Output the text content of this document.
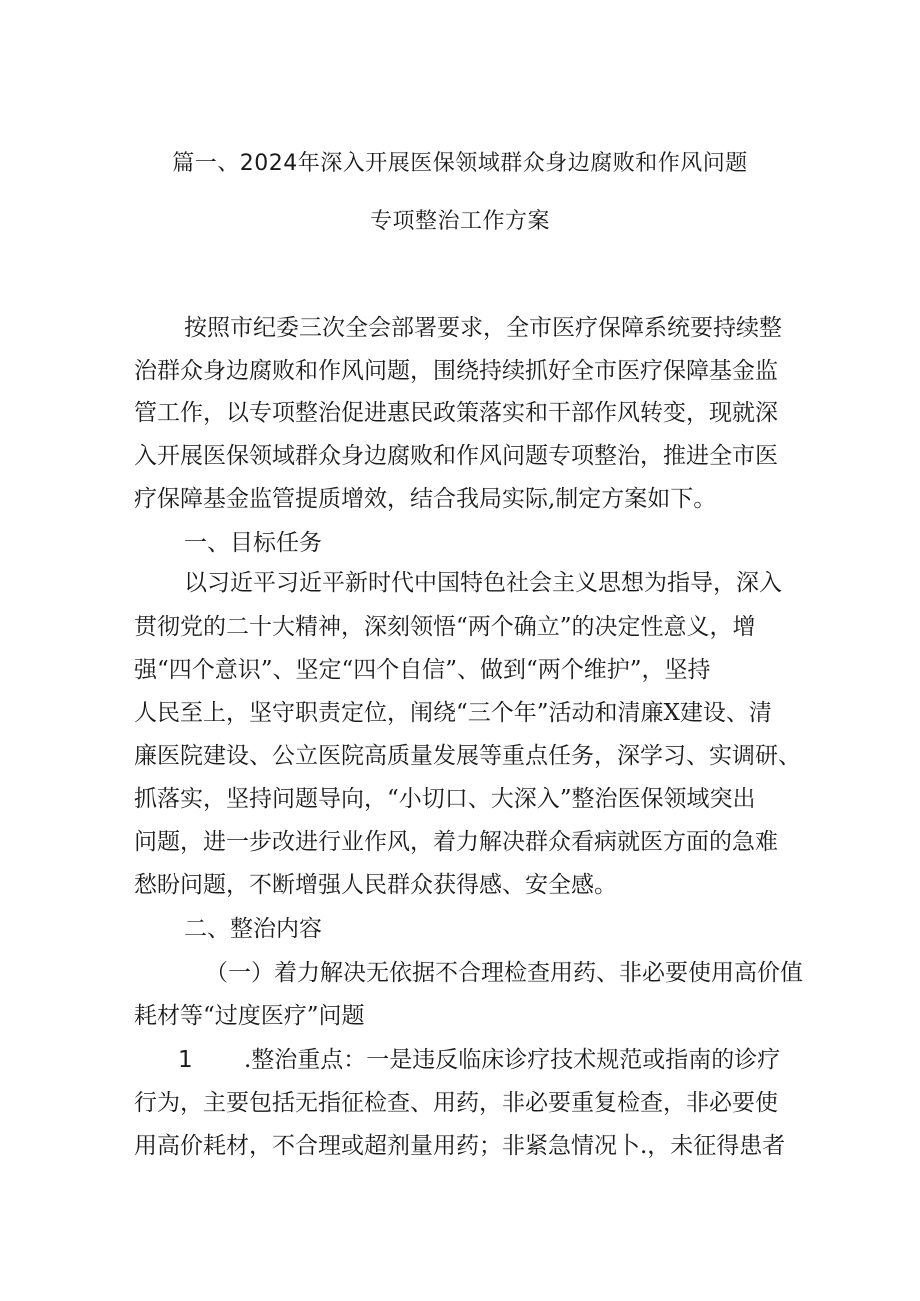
篇一、2024年深入开展医保领域群众身边腐败和作风问题
专项整治工作方案
按照市纪委三次全会部署要求，全市医疗保障系统要持续整
治群众身边腐败和作风问题，围绕持续抓好全市医疗保障基金监
管工作，以专项整治促进惠民政策落实和干部作风转变，现就深
入开展医保领域群众身边腐败和作风问题专项整治，推进全市医
疗保障基金监管提质增效，结合我局实际,制定方案如下。
一、目标任务
以习近平习近平新时代中国特色社会主义思想为指导，深入
贯彻党的二十大精神，深刻领悟“两个确立”的决定性意义，增
强“四个意识”、坚定“四个自信”、做到“两个维护”，坚持
人民至上，坚守职责定位，闱绕“三个年”活动和清廉X建设、清
廉医院建设、公立医院高质量发展等重点任务，深学习、实调研、
抓落实，坚持问题导向，“小切口、大深入”整治医保领域突出
问题，进一步改进行业作风，着力解决群众看病就医方面的急难
愁盼问题，不断增强人民群众获得感、安全感。
二、整治内容
（一）着力解决无依据不合理检查用药、非必要使用高价值
耗材等“过度医疗”问题
1 .整治重点：一是违反临床诊疗技术规范或指南的诊疗
行为，主要包括无指征检查、用药，非必要重复检查，非必要使
用高价耗材，不合理或超剂量用药；非紧急情况卜.，未征得患者
